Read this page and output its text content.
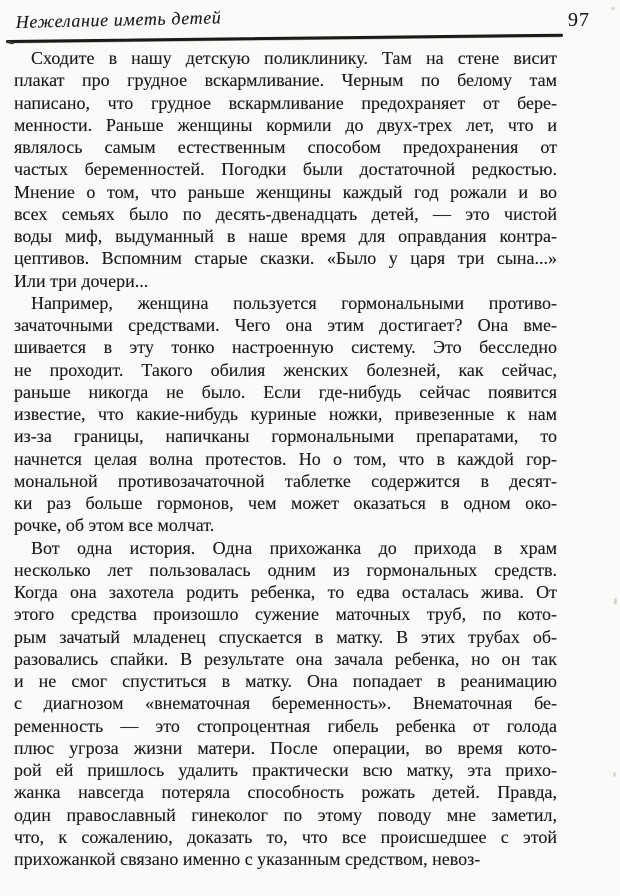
Нежелание иметь детей	97
Сходите в нашу детскую поликлинику. Там на стене висит
плакат про грудное вскармливание. Черным по белому там
написано, что грудное вскармливание предохраняет от бере-
менности. Раньше женщины кормили до двух-трех лет, что и
являлось самым естественным способом предохранения от
частых беременностей. Погодки были достаточной редкостью.
Мнение о том, что раньше женщины каждый год рожали и во
всех семьях было по десять-двенадцать детей, — это чистой
воды миф, выдуманный в наше время для оправдания контра-
цептивов. Вспомним старые сказки. «Было у царя три сына...»
Или три дочери...
Например, женщина пользуется гормональными противо-
зачаточными средствами. Чего она этим достигает? Она вме-
шивается в эту тонко настроенную систему. Это бесследно
не проходит. Такого обилия женских болезней, как сейчас,
раньше никогда не было. Если где-нибудь сейчас появится
известие, что какие-нибудь куриные ножки, привезенные к нам
из-за границы, напичканы гормональными препаратами, то
начнется целая волна протестов. Но о том, что в каждой гор-
мональной противозачаточной таблетке содержится в десят-
ки раз больше гормонов, чем может оказаться в одном око-
рочке, об этом все молчат.
Вот одна история. Одна прихожанка до прихода в храм
несколько лет пользовалась одним из гормональных средств.
Когда она захотела родить ребенка, то едва осталась жива. От
этого средства произошло сужение маточных труб, по кото-
рым зачатый младенец спускается в матку. В этих трубах об-
разовались спайки. В результате она зачала ребенка, но он так
и не смог спуститься в матку. Она попадает в реанимацию
с диагнозом «внематочная беременность». Внематочная бе-
ременность — это стопроцентная гибель ребенка от голода
плюс угроза жизни матери. После операции, во время кото-
рой ей пришлось удалить практически всю матку, эта прихо-
жанка навсегда потеряла способность рожать детей. Правда,
один православный гинеколог по этому поводу мне заметил,
что, к сожалению, доказать то, что все происшедшее с этой
прихожанкой связано именно с указанным средством, невоз-
